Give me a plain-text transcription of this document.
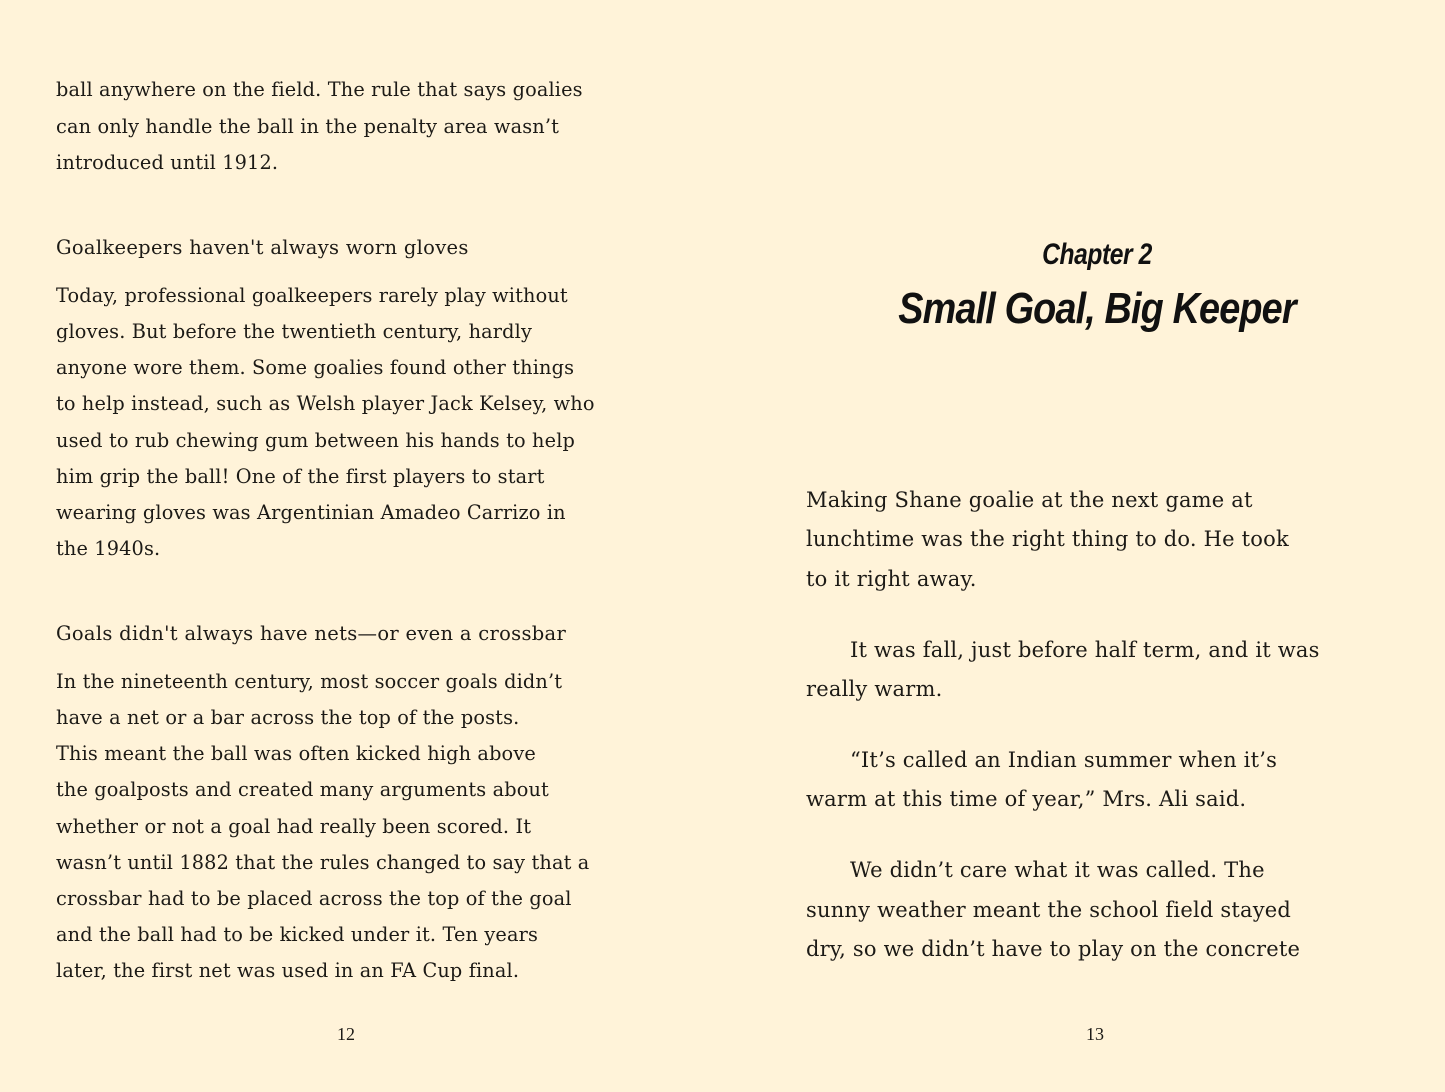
ball anywhere on the field. The rule that says goalies
can only handle the ball in the penalty area wasn’t
introduced until 1912.
Goalkeepers haven't always worn gloves
Today, professional goalkeepers rarely play without
gloves. But before the twentieth century, hardly
anyone wore them. Some goalies found other things
to help instead, such as Welsh player Jack Kelsey, who
used to rub chewing gum between his hands to help
him grip the ball! One of the first players to start
wearing gloves was Argentinian Amadeo Carrizo in
the 1940s.
Goals didn't always have nets—or even a crossbar
In the nineteenth century, most soccer goals didn’t
have a net or a bar across the top of the posts.
This meant the ball was often kicked high above
the goalposts and created many arguments about
whether or not a goal had really been scored. It
wasn’t until 1882 that the rules changed to say that a
crossbar had to be placed across the top of the goal
and the ball had to be kicked under it. Ten years
later, the first net was used in an FA Cup final.
12
Chapter 2
Small Goal, Big Keeper
Making Shane goalie at the next game at
lunchtime was the right thing to do. He took
to it right away.
It was fall, just before half term, and it was
really warm.
“It’s called an Indian summer when it’s
warm at this time of year,” Mrs. Ali said.
We didn’t care what it was called. The
sunny weather meant the school field stayed
dry, so we didn’t have to play on the concrete
13
